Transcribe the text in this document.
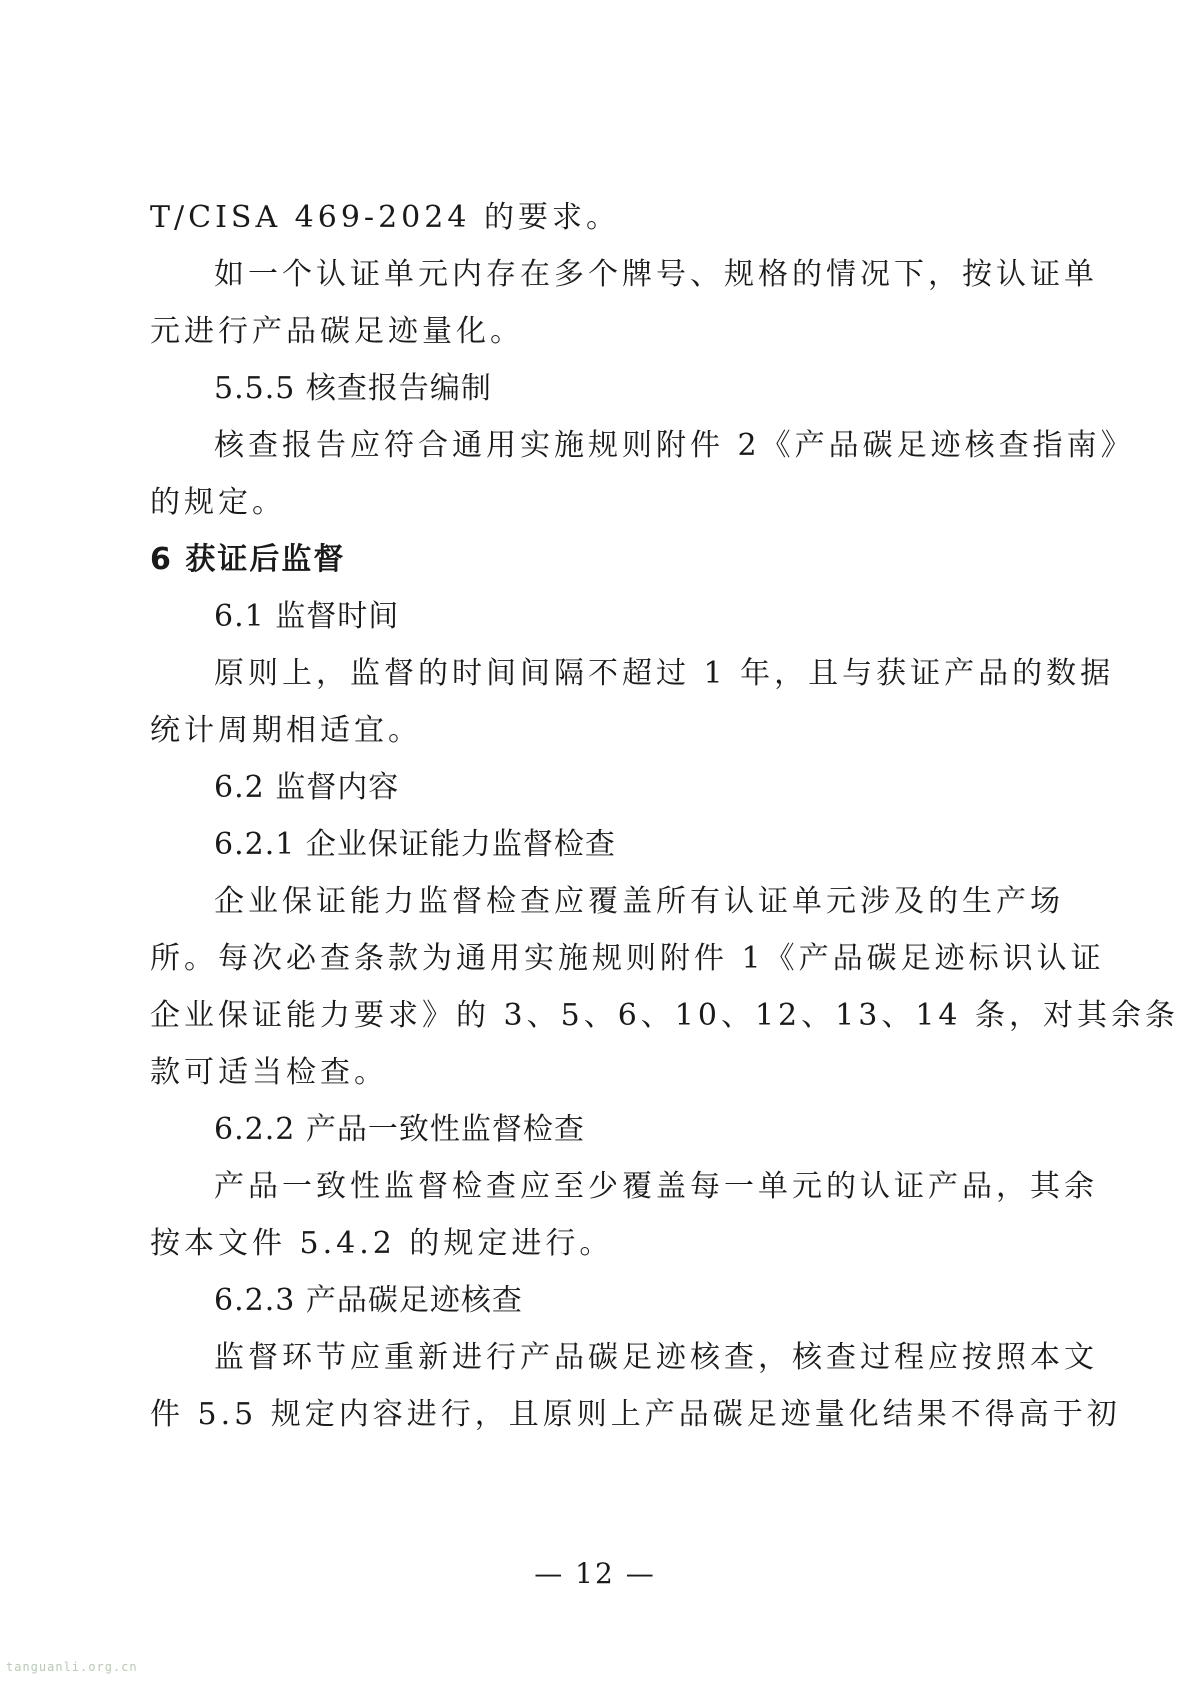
T/CISA 469-2024 的要求。
如一个认证单元内存在多个牌号、规格的情况下，按认证单
元进行产品碳足迹量化。
5.5.5 核查报告编制
核查报告应符合通用实施规则附件 2《产品碳足迹核查指南》
的规定。
6 获证后监督
6.1 监督时间
原则上，监督的时间间隔不超过 1 年，且与获证产品的数据
统计周期相适宜。
6.2 监督内容
6.2.1 企业保证能力监督检查
企业保证能力监督检查应覆盖所有认证单元涉及的生产场
所。每次必查条款为通用实施规则附件 1《产品碳足迹标识认证
企业保证能力要求》的 3、5、6、10、12、13、14 条，对其余条
款可适当检查。
6.2.2 产品一致性监督检查
产品一致性监督检查应至少覆盖每一单元的认证产品，其余
按本文件 5.4.2 的规定进行。
6.2.3 产品碳足迹核查
监督环节应重新进行产品碳足迹核查，核查过程应按照本文
件 5.5 规定内容进行，且原则上产品碳足迹量化结果不得高于初
— 12 —
tanguanli.org.cn
